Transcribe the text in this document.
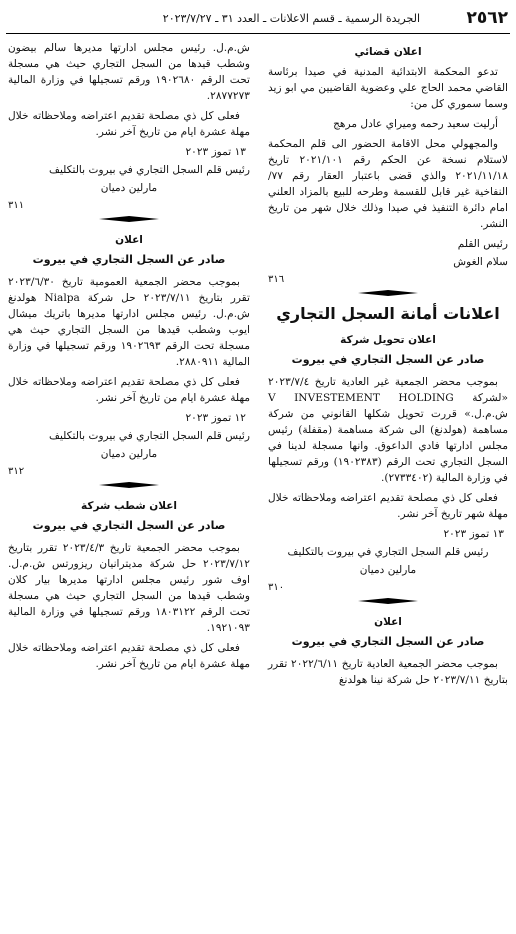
٢٥٦٢
الجريدة الرسمية ـ قسم الاعلانات ـ العدد ٣١ ـ ٢٠٢٣/٧/٢٧
اعلان قضائي

تدعو المحكمة الابتدائية المدنية في صيدا برئاسة القاضي محمد الحاج علي وعضوية القاضيين مي ابو زيد وسما سموري كل من:

أرليت سعيد رحمه وميراي عادل مرهج

والمجهولي محل الاقامة الحضور الى قلم المحكمة لاستلام نسخة عن الحكم رقم ٢٠٢١/١٠١ تاريخ ٢٠٢١/١١/١٨ والذي قضى باعتبار العقار رقم ٧٧/ النفاخية غير قابل للقسمة وطرحه للبيع بالمزاد العلني امام دائرة التنفيذ في صيدا وذلك خلال شهر من تاريخ النشر.

رئيس القلم
سلام الغوش
٣١٦
اعلانات أمانة السجل التجاري
اعلان تحويل شركة
صادر عن السجل التجاري في بيروت

بموجب محضر الجمعية غير العادية تاريخ ٢٠٢٣/٧/٤ «لشركة V INVESTEMENT HOLDING ش.م.ل.» قررت تحويل شكلها القانوني من شركة مساهمة (هولدنغ) الى شركة مساهمة (مقفلة) رئيس مجلس ادارتها فادي الداعوق. وانها مسجلة لدينا في السجل التجاري تحت الرقم (١٩٠٢٣٨٣) ورقم تسجيلها في وزارة المالية (٢٧٣٣٤٠٢).

فعلى كل ذي مصلحة تقديم اعتراضه وملاحظاته خلال مهلة شهر تاريخ آخر نشر.

١٣ تموز ٢٠٢٣
رئيس قلم السجل التجاري في بيروت بالتكليف
مارلين دميان
٣١٠
اعلان
صادر عن السجل التجاري في بيروت

بموجب محضر الجمعية العادية تاريخ ٢٠٢٢/٦/١١ تقرر بتاريخ ٢٠٢٣/٧/١١ حل شركة نينا هولدنغ

ش.م.ل. رئيس مجلس ادارتها مديرها سالم بيضون وشطب قيدها من السجل التجاري حيث هي مسجلة تحت الرقم ١٩٠٢٦٨٠ ورقم تسجيلها في وزارة المالية ٢٨٧٧٢٧٣.

فعلى كل ذي مصلحة تقديم اعتراضه وملاحظاته خلال مهلة عشرة ايام من تاريخ آخر نشر.

١٣ تموز ٢٠٢٣
رئيس قلم السجل التجاري في بيروت بالتكليف
مارلين دميان
٣١١
اعلان
صادر عن السجل التجاري في بيروت

بموجب محضر الجمعية العمومية تاريخ ٢٠٢٣/٦/٣٠ تقرر بتاريخ ٢٠٢٣/٧/١١ حل شركة Nialpa هولدنغ ش.م.ل. رئيس مجلس ادارتها مديرها باتريك ميشال ايوب وشطب قيدها من السجل التجاري حيث هي مسجلة تحت الرقم ١٩٠٢٦٩٣ ورقم تسجيلها في وزارة المالية ٢٨٨٠٩١١.

فعلى كل ذي مصلحة تقديم اعتراضه وملاحظاته خلال مهلة عشرة ايام من تاريخ آخر نشر.

١٢ تموز ٢٠٢٣
رئيس قلم السجل التجاري في بيروت بالتكليف
مارلين دميان
٣١٢
اعلان شطب شركة
صادر عن السجل التجاري في بيروت

بموجب محضر الجمعية تاريخ ٢٠٢٣/٤/٣ تقرر بتاريخ ٢٠٢٣/٧/١٢ حل شركة مديترانيان ريزورتس ش.م.ل. اوف شور رئيس مجلس ادارتها مديرها بيار كلان وشطب قيدها من السجل التجاري حيث هي مسجلة تحت الرقم ١٨٠٣١٢٢ ورقم تسجيلها في وزارة المالية ١٩٢١٠٩٣.

فعلى كل ذي مصلحة تقديم اعتراضه وملاحظاته خلال مهلة عشرة ايام من تاريخ آخر نشر.
